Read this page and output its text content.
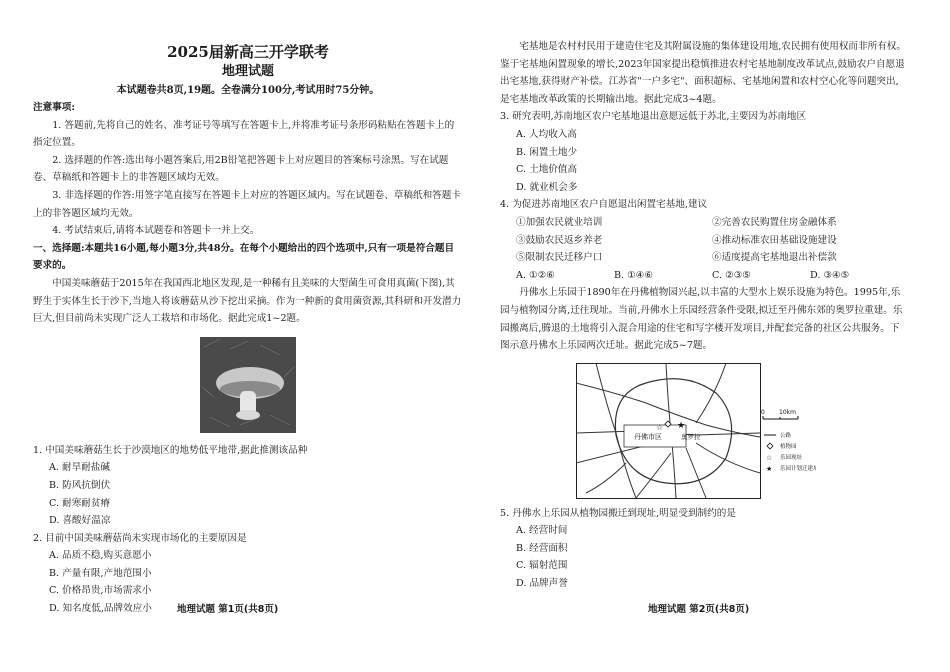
2025届新高三开学联考

地理试题

本试题卷共8页,19题。全卷满分100分,考试用时75分钟。

注意事项:

1. 答题前,先将自己的姓名、准考证号等填写在答题卡上,并将准考证号条形码粘贴在答题卡上的指定位置。

2. 选择题的作答:选出每小题答案后,用2B铅笔把答题卡上对应题目的答案标号涂黑。写在试题卷、草稿纸和答题卡上的非答题区域均无效。

3. 非选择题的作答:用签字笔直接写在答题卡上对应的答题区域内。写在试题卷、草稿纸和答题卡上的非答题区域均无效。

4. 考试结束后,请将本试题卷和答题卡一并上交。

一、选择题:本题共16小题,每小题3分,共48分。在每个小题给出的四个选项中,只有一项是符合题目要求的。

中国美味蘑菇于2015年在我国西北地区发现,是一种稀有且美味的大型菌生可食用真菌(下图),其野生于实体生长于沙下,当地人将该蘑菇从沙下挖出采摘。作为一种新的食用菌资源,其科研和开发潜力巨大,但目前尚未实现广泛人工栽培和市场化。据此完成1~2题。

1. 中国美味蘑菇生长于沙漠地区的地势低平地带,据此推测该品种

A. 耐旱耐盐碱

B. 防风抗倒伏

C. 耐寒耐贫瘠

D. 喜酸好温凉

2. 目前中国美味蘑菇尚未实现市场化的主要原因是

A. 品质不稳,购买意愿小

B. 产量有限,产地范围小

C. 价格昂贵,市场需求小

D. 知名度低,品牌效应小	地理试题 第1页(共8页)

宅基地是农村村民用于建造住宅及其附属设施的集体建设用地,农民拥有使用权而非所有权。鉴于宅基地闲置现象的增长,2023年国家提出稳慎推进农村宅基地制度改革试点,鼓励农户自愿退出宅基地,获得财产补偿。江苏省"一户多宅"、面积超标、宅基地闲置和农村空心化等问题突出,是宅基地改革政策的长期输出地。据此完成3~4题。

3. 研究表明,苏南地区农户宅基地退出意愿远低于苏北,主要因为苏南地区

A. 人均收入高

B. 闲置土地少

C. 土地价值高

D. 就业机会多

4. 为促进苏南地区农户自愿退出闲置宅基地,建议

①加强农民就业培训	②完善农民购置住房金融体系
③鼓励农民返乡养老	④推动标准农田基础设施建设
⑤限制农民迁移户口	⑥适度提高宅基地退出补偿款
A. ①②⑥	B. ①④⑥	C. ②③⑤	D. ③④⑤

丹佛水上乐园于1890年在丹佛植物园兴起,以丰富的大型水上娱乐设施为特色。1995年,乐园与植物园分离,迁往现址。当前,丹佛水上乐园经营条件受限,拟迁至丹佛东郊的奥罗拉重建。乐园搬离后,腾退的土地将引入混合用途的住宅和写字楼开发项目,并配套完备的社区公共服务。下图示意丹佛水上乐园两次迁址。据此完成5~7题。

丹佛市区
☆ ★
奥罗拉
0 10km
公路
植物园
☆ 乐园现址
★ 乐园计划迁建址

5. 丹佛水上乐园从植物园搬迁到现址,明显受到制约的是

A. 经营时间

B. 经营面积

C. 辐射范围

D. 品牌声誉

地理试题 第2页(共8页)
